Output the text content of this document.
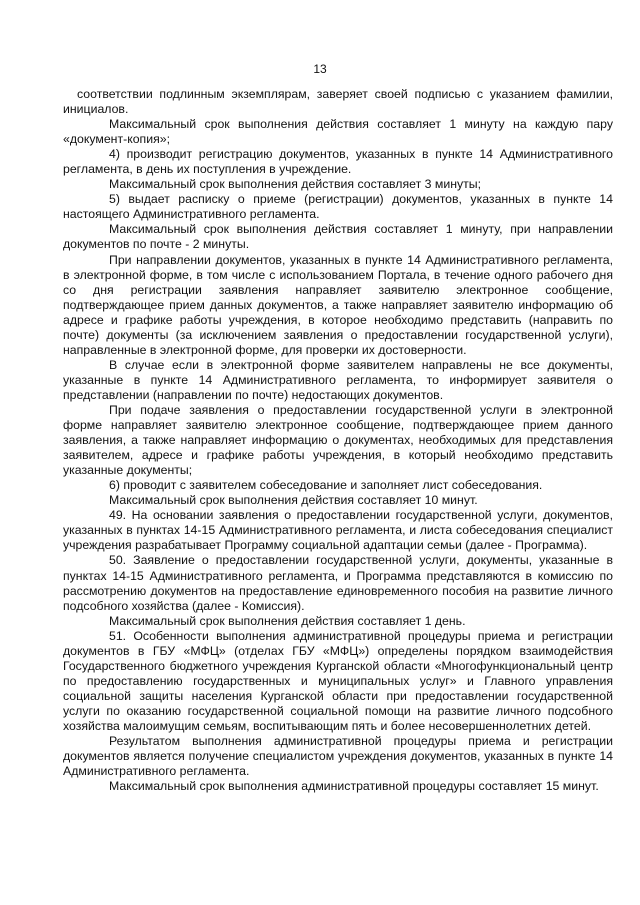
13

соответствии подлинным экземплярам, заверяет своей подписью с указанием фамилии, инициалов.

Максимальный срок выполнения действия составляет 1 минуту на каждую пару «документ-копия»;

4) производит регистрацию документов, указанных в пункте 14 Административного регламента, в день их поступления в учреждение.

Максимальный срок выполнения действия составляет 3 минуты;

5) выдает расписку о приеме (регистрации) документов, указанных в пункте 14 настоящего Административного регламента.

Максимальный срок выполнения действия составляет 1 минуту, при направлении документов по почте - 2 минуты.

При направлении документов, указанных в пункте 14 Административного регламента, в электронной форме, в том числе с использованием Портала, в течение одного рабочего дня со дня регистрации заявления направляет заявителю электронное сообщение, подтверждающее прием данных документов, а также направляет заявителю информацию об адресе и графике работы учреждения, в которое необходимо представить (направить по почте) документы (за исключением заявления о предоставлении государственной услуги), направленные в электронной форме, для проверки их достоверности.

В случае если в электронной форме заявителем направлены не все документы, указанные в пункте 14 Административного регламента, то информирует заявителя о представлении (направлении по почте) недостающих документов.

При подаче заявления о предоставлении государственной услуги в электронной форме направляет заявителю электронное сообщение, подтверждающее прием данного заявления, а также направляет информацию о документах, необходимых для представления заявителем, адресе и графике работы учреждения, в который необходимо представить указанные документы;

6) проводит с заявителем собеседование и заполняет лист собеседования.

Максимальный срок выполнения действия составляет 10 минут.

49. На основании заявления о предоставлении государственной услуги, документов, указанных в пунктах 14-15 Административного регламента, и листа собеседования специалист учреждения разрабатывает Программу социальной адаптации семьи (далее - Программа).

50. Заявление о предоставлении государственной услуги, документы, указанные в пунктах 14-15 Административного регламента, и Программа представляются в комиссию по рассмотрению документов на предоставление единовременного пособия на развитие личного подсобного хозяйства (далее - Комиссия).

Максимальный срок выполнения действия составляет 1 день.

51. Особенности выполнения административной процедуры приема и регистрации документов в ГБУ «МФЦ» (отделах ГБУ «МФЦ») определены порядком взаимодействия Государственного бюджетного учреждения Курганской области «Многофункциональный центр по предоставлению государственных и муниципальных услуг» и Главного управления социальной защиты населения Курганской области при предоставлении государственной услуги по оказанию государственной социальной помощи на развитие личного подсобного хозяйства малоимущим семьям, воспитывающим пять и более несовершеннолетних детей.

Результатом выполнения административной процедуры приема и регистрации документов является получение специалистом учреждения документов, указанных в пункте 14 Административного регламента.

Максимальный срок выполнения административной процедуры составляет 15 минут.
